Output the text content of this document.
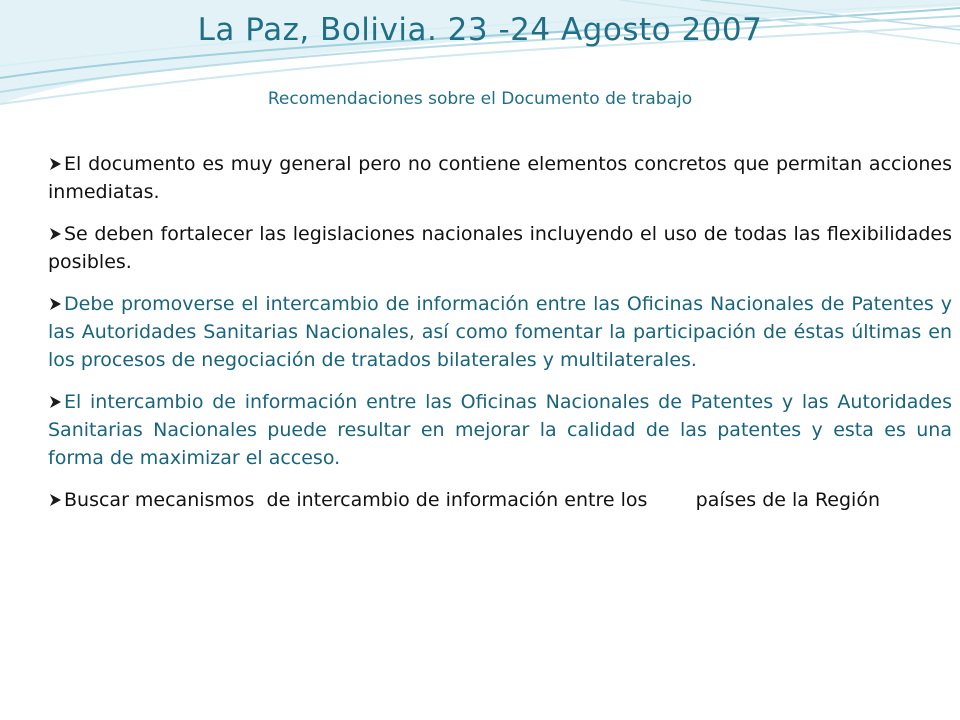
La Paz, Bolivia. 23 -24 Agosto 2007
Recomendaciones sobre el Documento de trabajo
El documento es muy general pero no contiene elementos concretos que permitan acciones inmediatas.
Se deben fortalecer las legislaciones nacionales incluyendo el uso de todas las flexibilidades posibles.
Debe promoverse el intercambio de información entre las Oficinas Nacionales de Patentes y las Autoridades Sanitarias Nacionales, así como fomentar la participación de éstas últimas en los procesos de negociación de tratados bilaterales y multilaterales.
El intercambio de información entre las Oficinas Nacionales de Patentes y las Autoridades Sanitarias Nacionales puede resultar en mejorar la calidad de las patentes y esta es una forma de maximizar el acceso.
Buscar mecanismos  de intercambio de información entre los        países de la Región
